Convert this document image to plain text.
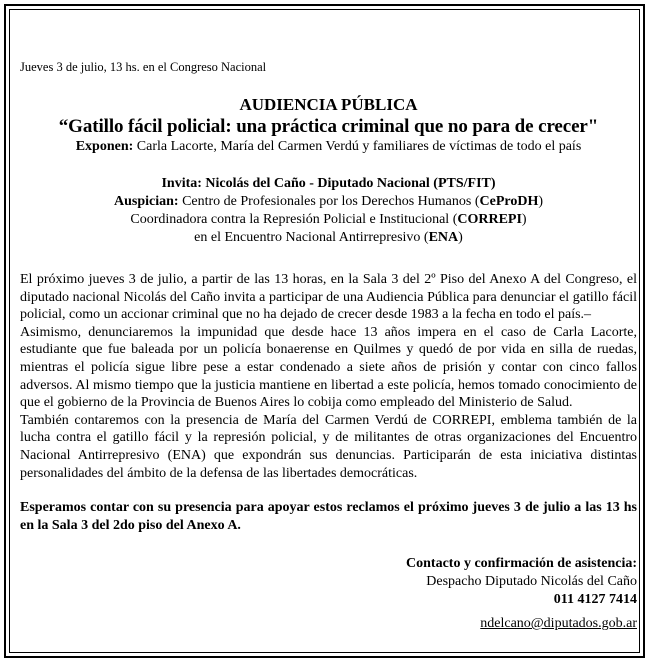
Jueves 3 de julio, 13 hs. en el Congreso Nacional
AUDIENCIA PÚBLICA
“Gatillo fácil policial: una práctica criminal que no para de crecer"
Exponen: Carla Lacorte, María del Carmen Verdú y familiares de víctimas de todo el país

Invita: Nicolás del Caño - Diputado Nacional (PTS/FIT)

Auspician: Centro de Profesionales por los Derechos Humanos (CeProDH)

Coordinadora contra la Represión Policial e Institucional (CORREPI)

en el Encuentro Nacional Antirrepresivo (ENA)

El próximo jueves 3 de julio, a partir de las 13 horas, en la Sala 3 del 2º Piso del Anexo A del Congreso, el diputado nacional Nicolás del Caño invita a participar de una Audiencia Pública para denunciar el gatillo fácil policial, como un accionar criminal que no ha dejado de crecer desde 1983 a la fecha en todo el país.–

Asimismo, denunciaremos la impunidad que desde hace 13 años impera en el caso de Carla Lacorte, estudiante que fue baleada por un policía bonaerense en Quilmes y quedó de por vida en silla de ruedas, mientras el policía sigue libre pese a estar condenado a siete años de prisión y contar con cinco fallos adversos. Al mismo tiempo que la justicia mantiene en libertad a este policía, hemos tomado conocimiento de que el gobierno de la Provincia de Buenos Aires lo cobija como empleado del Ministerio de Salud.

También contaremos con la presencia de María del Carmen Verdú de CORREPI, emblema también de la lucha contra el gatillo fácil y la represión policial, y de militantes de otras organizaciones del Encuentro Nacional Antirrepresivo (ENA) que expondrán sus denuncias. Participarán de esta iniciativa distintas personalidades del ámbito de la defensa de las libertades democráticas.

Esperamos contar con su presencia para apoyar estos reclamos el próximo jueves 3 de julio a las 13 hs en la Sala 3 del 2do piso del Anexo A.

Contacto y confirmación de asistencia:

Despacho Diputado Nicolás del Caño

011 4127 7414

ndelcano@diputados.gob.ar
